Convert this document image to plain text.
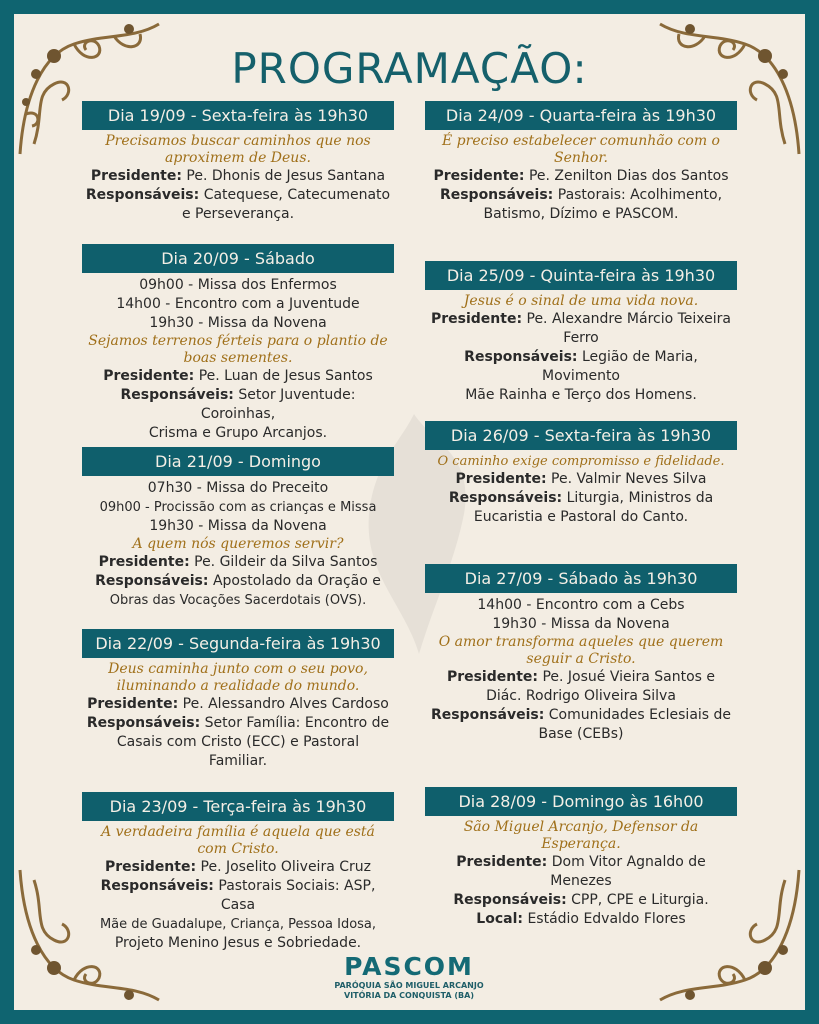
PROGRAMAÇÃO:
Dia 19/09 - Sexta-feira às 19h30
Precisamos buscar caminhos que nos
aproximem de Deus.
Presidente: Pe. Dhonis de Jesus Santana
Responsáveis: Catequese, Catecumenato
e Perseverança.
Dia 20/09 - Sábado
09h00 - Missa dos Enfermos
14h00 - Encontro com a Juventude
19h30 - Missa da Novena
Sejamos terrenos férteis para o plantio de
boas sementes.
Presidente: Pe. Luan de Jesus Santos
Responsáveis: Setor Juventude: Coroinhas,
Crisma e Grupo Arcanjos.
Dia 21/09 - Domingo
07h30 - Missa do Preceito
09h00 - Procissão com as crianças e Missa
19h30 - Missa da Novena
A quem nós queremos servir?
Presidente: Pe. Gildeir da Silva Santos
Responsáveis: Apostolado da Oração e
Obras das Vocações Sacerdotais (OVS).
Dia 22/09 - Segunda-feira às 19h30
Deus caminha junto com o seu povo,
iluminando a realidade do mundo.
Presidente: Pe. Alessandro Alves Cardoso
Responsáveis: Setor Família: Encontro de
Casais com Cristo (ECC) e Pastoral
Familiar.
Dia 23/09 - Terça-feira às 19h30
A verdadeira família é aquela que está
com Cristo.
Presidente: Pe. Joselito Oliveira Cruz
Responsáveis: Pastorais Sociais: ASP, Casa
Mãe de Guadalupe, Criança, Pessoa Idosa,
Projeto Menino Jesus e Sobriedade.
Dia 24/09 - Quarta-feira às 19h30
É preciso estabelecer comunhão com o
Senhor.
Presidente: Pe. Zenilton Dias dos Santos
Responsáveis: Pastorais: Acolhimento,
Batismo, Dízimo e PASCOM.
Dia 25/09 - Quinta-feira às 19h30
Jesus é o sinal de uma vida nova.
Presidente: Pe. Alexandre Márcio Teixeira
Ferro
Responsáveis: Legião de Maria, Movimento
Mãe Rainha e Terço dos Homens.
Dia 26/09 - Sexta-feira às 19h30
O caminho exige compromisso e fidelidade.
Presidente: Pe. Valmir Neves Silva
Responsáveis: Liturgia, Ministros da
Eucaristia e Pastoral do Canto.
Dia 27/09 - Sábado às 19h30
14h00 - Encontro com a Cebs
19h30 - Missa da Novena
O amor transforma aqueles que querem
seguir a Cristo.
Presidente: Pe. Josué Vieira Santos e
Diác. Rodrigo Oliveira Silva
Responsáveis: Comunidades Eclesiais de
Base (CEBs)
Dia 28/09 - Domingo às 16h00
São Miguel Arcanjo, Defensor da
Esperança.
Presidente: Dom Vitor Agnaldo de
Menezes
Responsáveis: CPP, CPE e Liturgia.
Local: Estádio Edvaldo Flores
PASCOM
PARÓQUIA SÃO MIGUEL ARCANJO
VITÓRIA DA CONQUISTA (BA)
